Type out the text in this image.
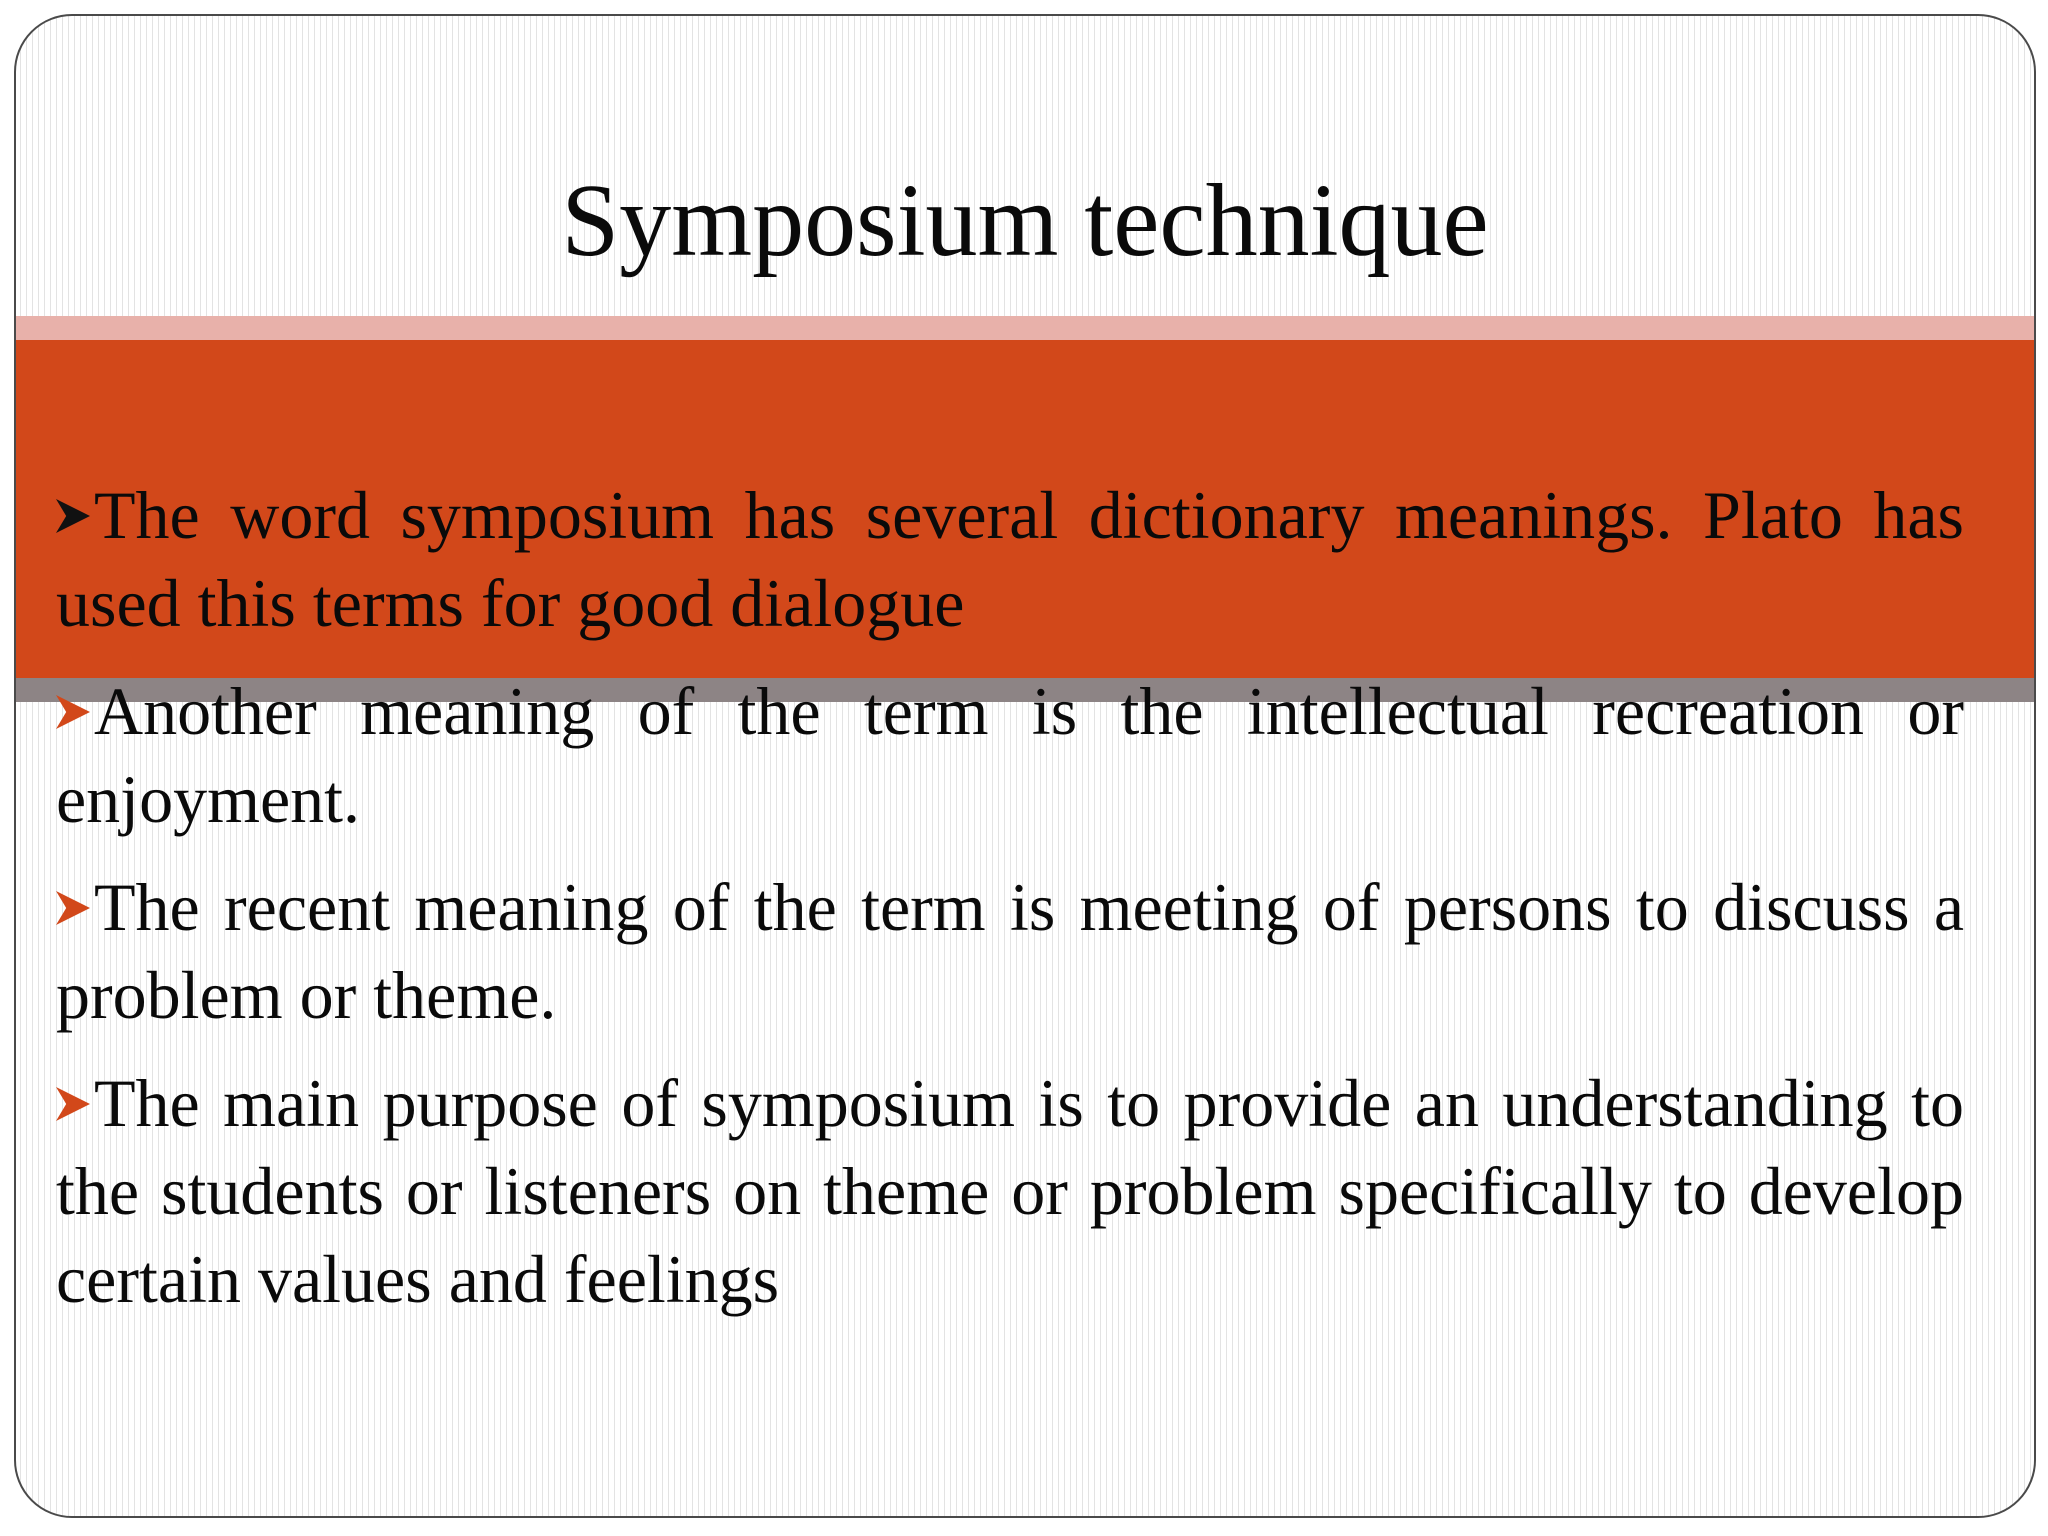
Symposium technique
The word symposium has several dictionary meanings. Plato has used this terms for good dialogue
Another meaning of the term is the intellectual recreation or enjoyment.
The recent meaning of the term is meeting of persons to discuss a problem or theme.
The main purpose of symposium is to provide an understanding to the students or listeners on theme or problem specifically to develop certain values and feelings
